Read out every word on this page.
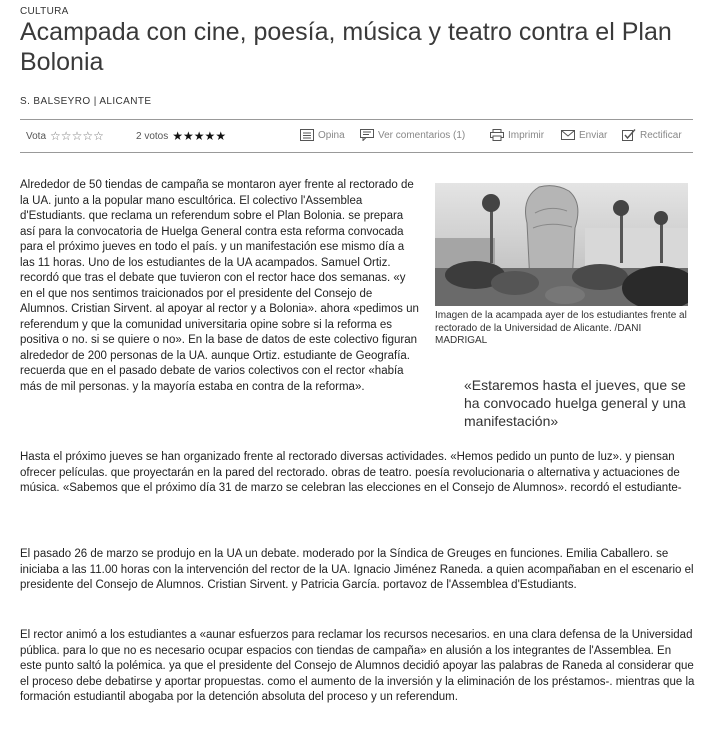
CULTURA
Acampada con cine, poesía, música y teatro contra el Plan Bolonia
S. BALSEYRO | ALICANTE
Vota ☆☆☆☆☆	2 votos ★★★★★	Opina	Ver comentarios (1)	Imprimir	Enviar	Rectificar
Imagen de la acampada ayer de los estudiantes frente al rectorado de la Universidad de Alicante. /DANI MADRIGAL
«Estaremos hasta el jueves, que se ha convocado huelga general y una manifestación»

Alrededor de 50 tiendas de campaña se montaron ayer frente al rectorado de la UA. junto a la popular mano escultórica. El colectivo l'Assemblea d'Estudiants. que reclama un referendum sobre el Plan Bolonia. se prepara así para la convocatoria de Huelga General contra esta reforma convocada para el próximo jueves en todo el país. y un manifestación ese mismo día a las 11 horas. Uno de los estudiantes de la UA acampados. Samuel Ortiz. recordó que tras el debate que tuvieron con el rector hace dos semanas. «y en el que nos sentimos traicionados por el presidente del Consejo de Alumnos. Cristian Sirvent. al apoyar al rector y a Bolonia». ahora «pedimos un referendum y que la comunidad universitaria opine sobre si la reforma es positiva o no. si se quiere o no». En la base de datos de este colectivo figuran alrededor de 200 personas de la UA. aunque Ortiz. estudiante de Geografía. recuerda que en el pasado debate de varios colectivos con el rector «había más de mil personas. y la mayoría estaba en contra de la reforma».

Hasta el próximo jueves se han organizado frente al rectorado diversas actividades. «Hemos pedido un punto de luz». y piensan ofrecer películas. que proyectarán en la pared del rectorado. obras de teatro. poesía revolucionaria o alternativa y actuaciones de música. «Sabemos que el próximo día 31 de marzo se celebran las elecciones en el Consejo de Alumnos». recordó el estudiante-

El pasado 26 de marzo se produjo en la UA un debate. moderado por la Síndica de Greuges en funciones. Emilia Caballero. se iniciaba a las 11.00 horas con la intervención del rector de la UA. Ignacio Jiménez Raneda. a quien acompañaban en el escenario el presidente del Consejo de Alumnos. Cristian Sirvent. y Patricia García. portavoz de l'Assemblea d'Estudiants.

El rector animó a los estudiantes a «aunar esfuerzos para reclamar los recursos necesarios. en una clara defensa de la Universidad pública. para lo que no es necesario ocupar espacios con tiendas de campaña» en alusión a los integrantes de l'Assemblea. En este punto saltó la polémica. ya que el presidente del Consejo de Alumnos decidió apoyar las palabras de Raneda al considerar que el proceso debe debatirse y aportar propuestas. como el aumento de la inversión y la eliminación de los préstamos-. mientras que la formación estudiantil abogaba por la detención absoluta del proceso y un referendum.
